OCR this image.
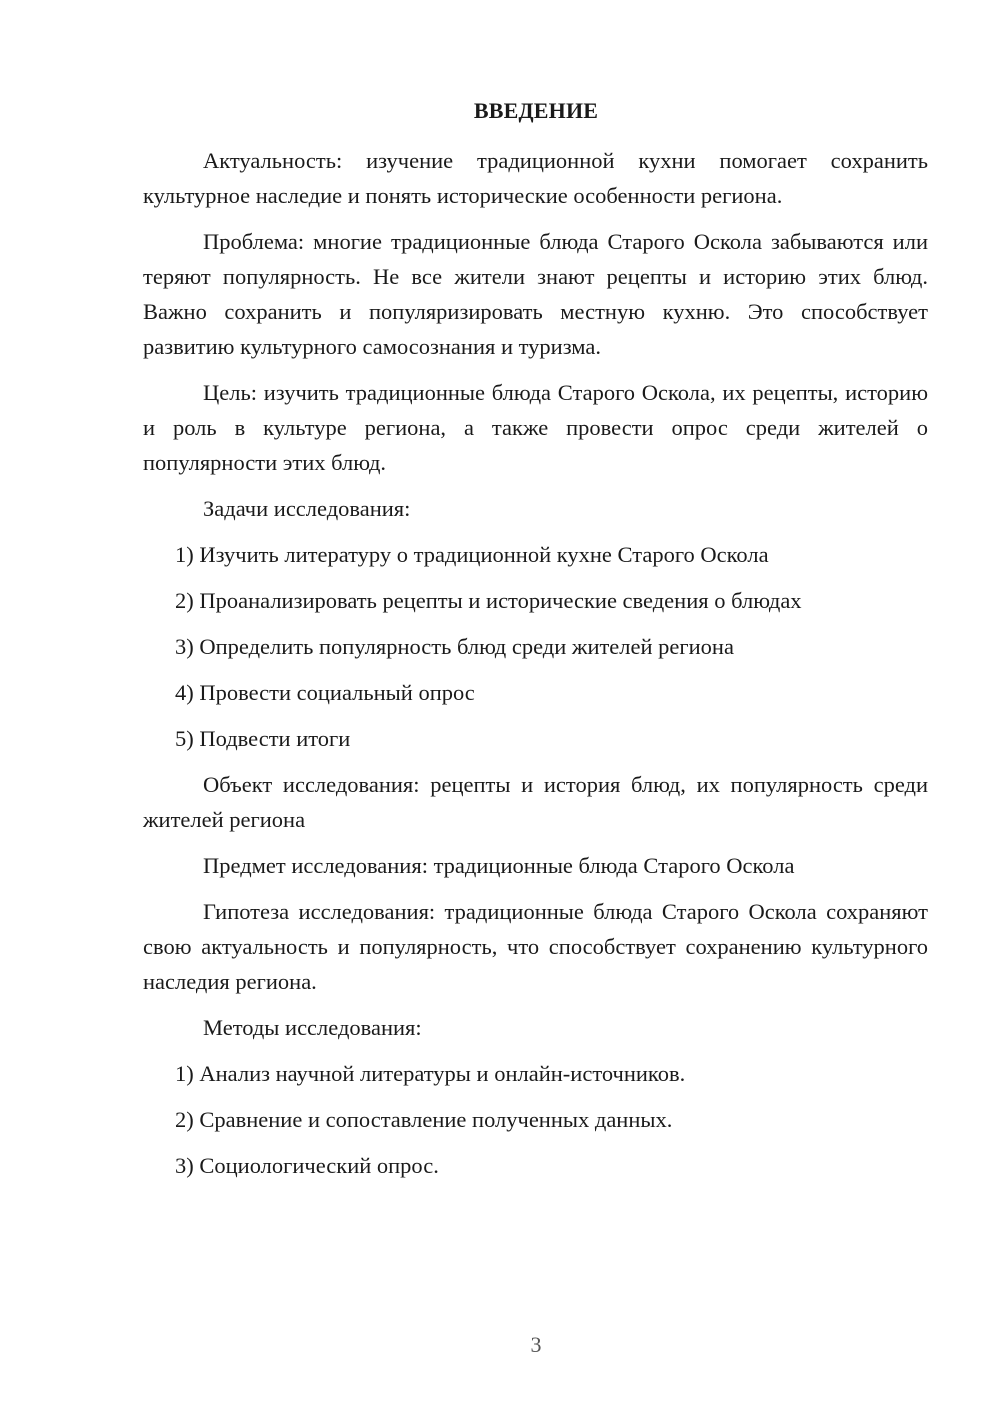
ВВЕДЕНИЕ

Актуальность: изучение традиционной кухни помогает сохранить культурное наследие и понять исторические особенности региона.

Проблема: многие традиционные блюда Старого Оскола забываются или теряют популярность. Не все жители знают рецепты и историю этих блюд. Важно сохранить и популяризировать местную кухню. Это способствует развитию культурного самосознания и туризма.

Цель: изучить традиционные блюда Старого Оскола, их рецепты, историю и роль в культуре региона, а также провести опрос среди жителей о популярности этих блюд.

Задачи исследования:

1) Изучить литературу о традиционной кухне Старого Оскола
2) Проанализировать рецепты и исторические сведения о блюдах
3) Определить популярность блюд среди жителей региона
4) Провести социальный опрос
5) Подвести итоги

Объект исследования: рецепты и история блюд, их популярность среди жителей региона

Предмет исследования: традиционные блюда Старого Оскола

Гипотеза исследования: традиционные блюда Старого Оскола сохраняют свою актуальность и популярность, что способствует сохранению культурного наследия региона.

Методы исследования:

1) Анализ научной литературы и онлайн-источников.
2) Сравнение и сопоставление полученных данных.
3) Социологический опрос.
3
